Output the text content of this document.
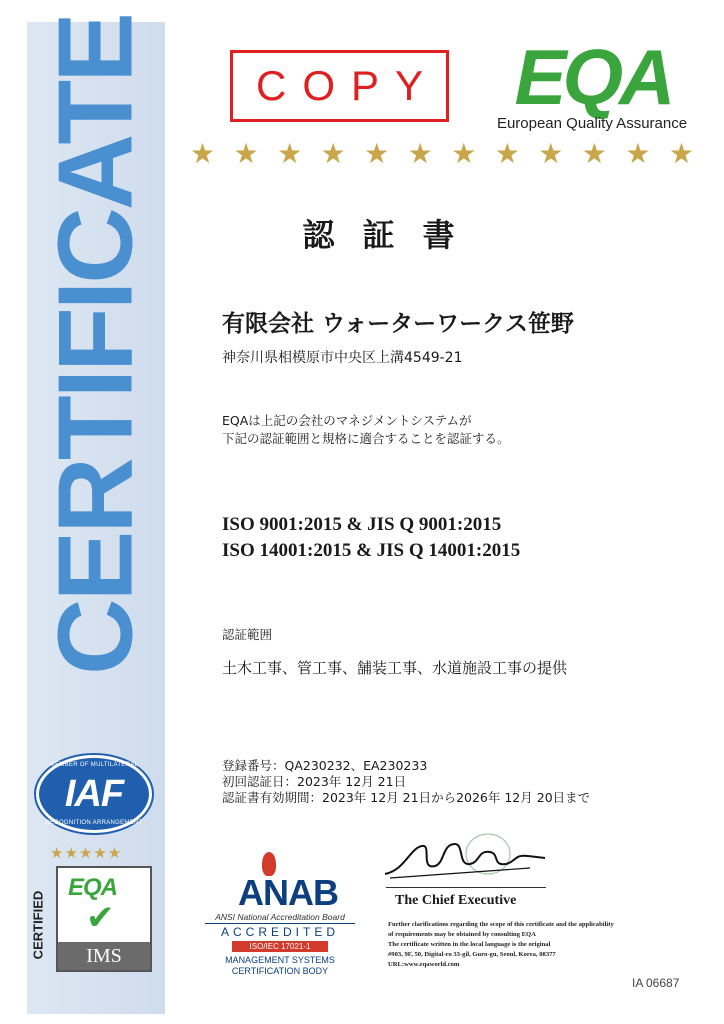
CERTIFICATE
MEMBER OF MULTILATERAL
IAF
RECOGNITION ARRANGEMENT
★★★★★
CERTIFIED
EQA
✔
IMS
COPY EQA
European Quality Assurance
★ ★ ★ ★ ★ ★ ★ ★ ★ ★ ★ ★
認証書
有限会社 ウォーターワークス笹野
神奈川県相模原市中央区上溝4549-21
EQAは上記の会社のマネジメントシステムが
下記の認証範囲と規格に適合することを認証する。
ISO 9001:2015 & JIS Q 9001:2015
ISO 14001:2015 & JIS Q 14001:2015
認証範囲
土木工事、管工事、舗装工事、水道施設工事の提供
登録番号：QA230232、EA230233
初回認証日：2023年 12月 21日
認証書有効期間：2023年 12月 21日から2026年 12月 20日まで
ANAB
ANSI National Accreditation Board
ACCREDITED
ISO/IEC 17021-1
MANAGEMENT SYSTEMS
CERTIFICATION BODY
The Chief Executive
Further clarifications regarding the scope of this certificate and the applicability
of requirements may be obtained by consulting EQA
The certificate written in the local language is the original
#903, 9F, 50, Digital-ro 33-gil, Guro-gu, Seoul, Korea, 08377
URL:www.eqaworld.com
IA 06687
